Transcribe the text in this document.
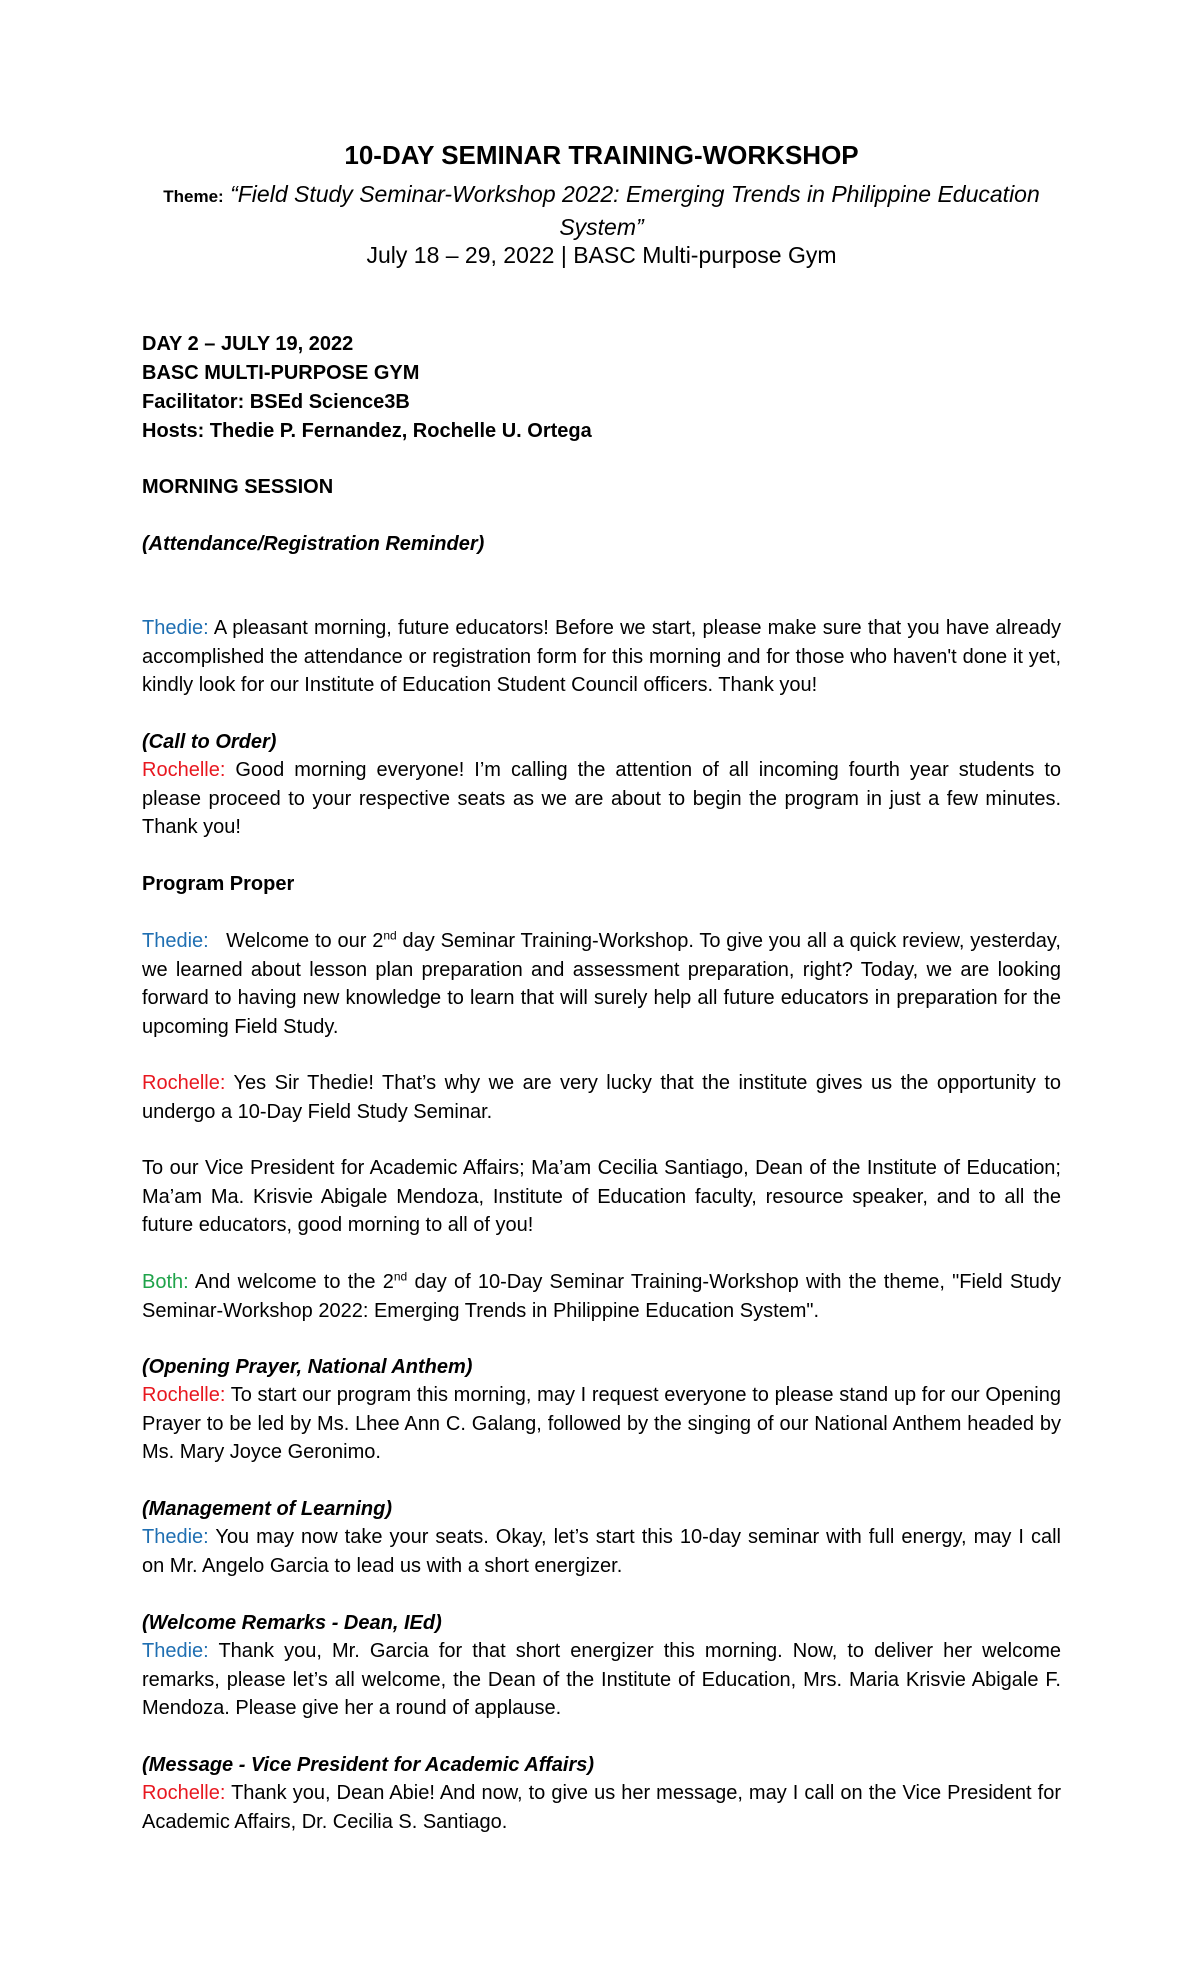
10-DAY SEMINAR TRAINING-WORKSHOP
Theme: “Field Study Seminar-Workshop 2022: Emerging Trends in Philippine Education System”
July 18 – 29, 2022 | BASC Multi-purpose Gym
DAY 2 – JULY 19, 2022
BASC MULTI-PURPOSE GYM
Facilitator: BSEd Science3B
Hosts: Thedie P. Fernandez, Rochelle U. Ortega
MORNING SESSION
(Attendance/Registration Reminder)
Thedie: A pleasant morning, future educators! Before we start, please make sure that you have already accomplished the attendance or registration form for this morning and for those who haven't done it yet, kindly look for our Institute of Education Student Council officers. Thank you!
(Call to Order)
Rochelle: Good morning everyone! I’m calling the attention of all incoming fourth year students to please proceed to your respective seats as we are about to begin the program in just a few minutes. Thank you!
Program Proper
Thedie: Welcome to our 2nd day Seminar Training-Workshop. To give you all a quick review, yesterday, we learned about lesson plan preparation and assessment preparation, right? Today, we are looking forward to having new knowledge to learn that will surely help all future educators in preparation for the upcoming Field Study.
Rochelle: Yes Sir Thedie! That’s why we are very lucky that the institute gives us the opportunity to undergo a 10-Day Field Study Seminar.
To our Vice President for Academic Affairs; Ma’am Cecilia Santiago, Dean of the Institute of Education; Ma’am Ma. Krisvie Abigale Mendoza, Institute of Education faculty, resource speaker, and to all the future educators, good morning to all of you!
Both: And welcome to the 2nd day of 10-Day Seminar Training-Workshop with the theme, "Field Study Seminar-Workshop 2022: Emerging Trends in Philippine Education System".
(Opening Prayer, National Anthem)
Rochelle: To start our program this morning, may I request everyone to please stand up for our Opening Prayer to be led by Ms. Lhee Ann C. Galang, followed by the singing of our National Anthem headed by Ms. Mary Joyce Geronimo.
(Management of Learning)
Thedie: You may now take your seats. Okay, let’s start this 10-day seminar with full energy, may I call on Mr. Angelo Garcia to lead us with a short energizer.
(Welcome Remarks - Dean, IEd)
Thedie: Thank you, Mr. Garcia for that short energizer this morning. Now, to deliver her welcome remarks, please let’s all welcome, the Dean of the Institute of Education, Mrs. Maria Krisvie Abigale F. Mendoza. Please give her a round of applause.
(Message - Vice President for Academic Affairs)
Rochelle: Thank you, Dean Abie! And now, to give us her message, may I call on the Vice President for Academic Affairs, Dr. Cecilia S. Santiago.
